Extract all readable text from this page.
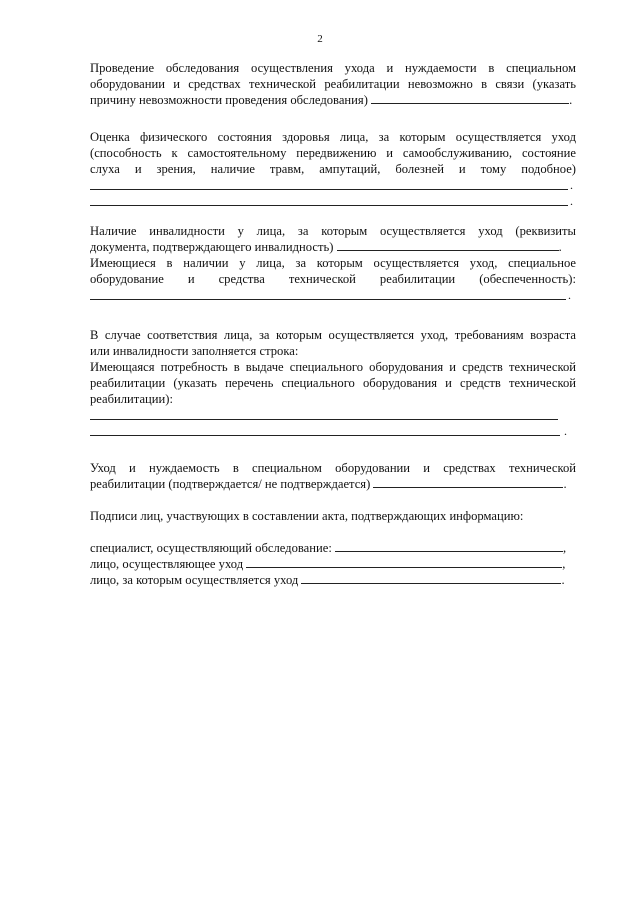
2

Проведение обследования осуществления ухода и нуждаемости в специальном

оборудовании и средствах технической реабилитации невозможно в связи (указать

причину невозможности проведения обследования)	.

Оценка физического состояния здоровья лица, за которым осуществляется уход

(способность к самостоятельному передвижению и самообслуживанию, состояние

слуха и зрения, наличие травм, ампутаций, болезней и тому подобное)

.
.

Наличие инвалидности у лица, за которым осуществляется уход (реквизиты

документа, подтверждающего инвалидность)	.

Имеющиеся в наличии у лица, за которым осуществляется уход, специальное

оборудование и средства технической реабилитации (обеспеченность):

.

В случае соответствия лица, за которым осуществляется уход, требованиям возраста

или инвалидности заполняется строка:

Имеющаяся потребность в выдаче специального оборудования и средств технической

реабилитации (указать перечень специального оборудования и средств технической

реабилитации):

.

Уход и нуждаемость в специальном оборудовании и средствах технической

реабилитации (подтверждается/ не подтверждается)	.

Подписи лиц, участвующих в составлении акта, подтверждающих информацию:

специалист, осуществляющий обследование:	,

лицо, осуществляющее уход	,

лицо, за которым осуществляется уход	.
